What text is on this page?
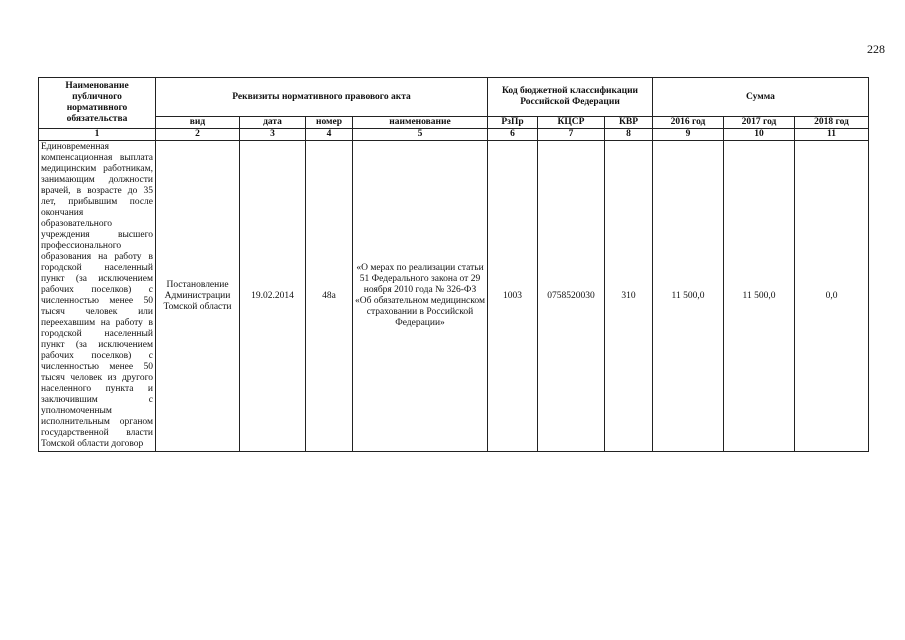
228
Наименование публичного нормативного обязательства	Реквизиты нормативного правового акта				Код бюджетной классификации Российской Федерации			Сумма		
	вид	дата	номер	наименование	РзПр	КЦСР	КВР	2016 год	2017 год	2018 год
1	2	3	4	5	6	7	8	9	10	11
Единовременная компенсационная выплата медицинским работникам, занимающим должности врачей, в возрасте до 35 лет, прибывшим после окончания образовательного учреждения высшего профессионального образования на работу в городской населенный пункт (за исключением рабочих поселков) с численностью менее 50 тысяч человек или переехавшим на работу в городской населенный пункт (за исключением рабочих поселков) с численностью менее 50 тысяч человек из другого населенного пункта и заключившим с уполномоченным исполнительным органом государственной власти Томской области договор	Постановление Администрации Томской области	19.02.2014	48а	«О мерах по реализации статьи 51 Федерального закона от 29 ноября 2010 года № 326-ФЗ «Об обязательном медицинском страховании в Российской Федерации»	1003	0758520030	310	11 500,0	11 500,0	0,0
